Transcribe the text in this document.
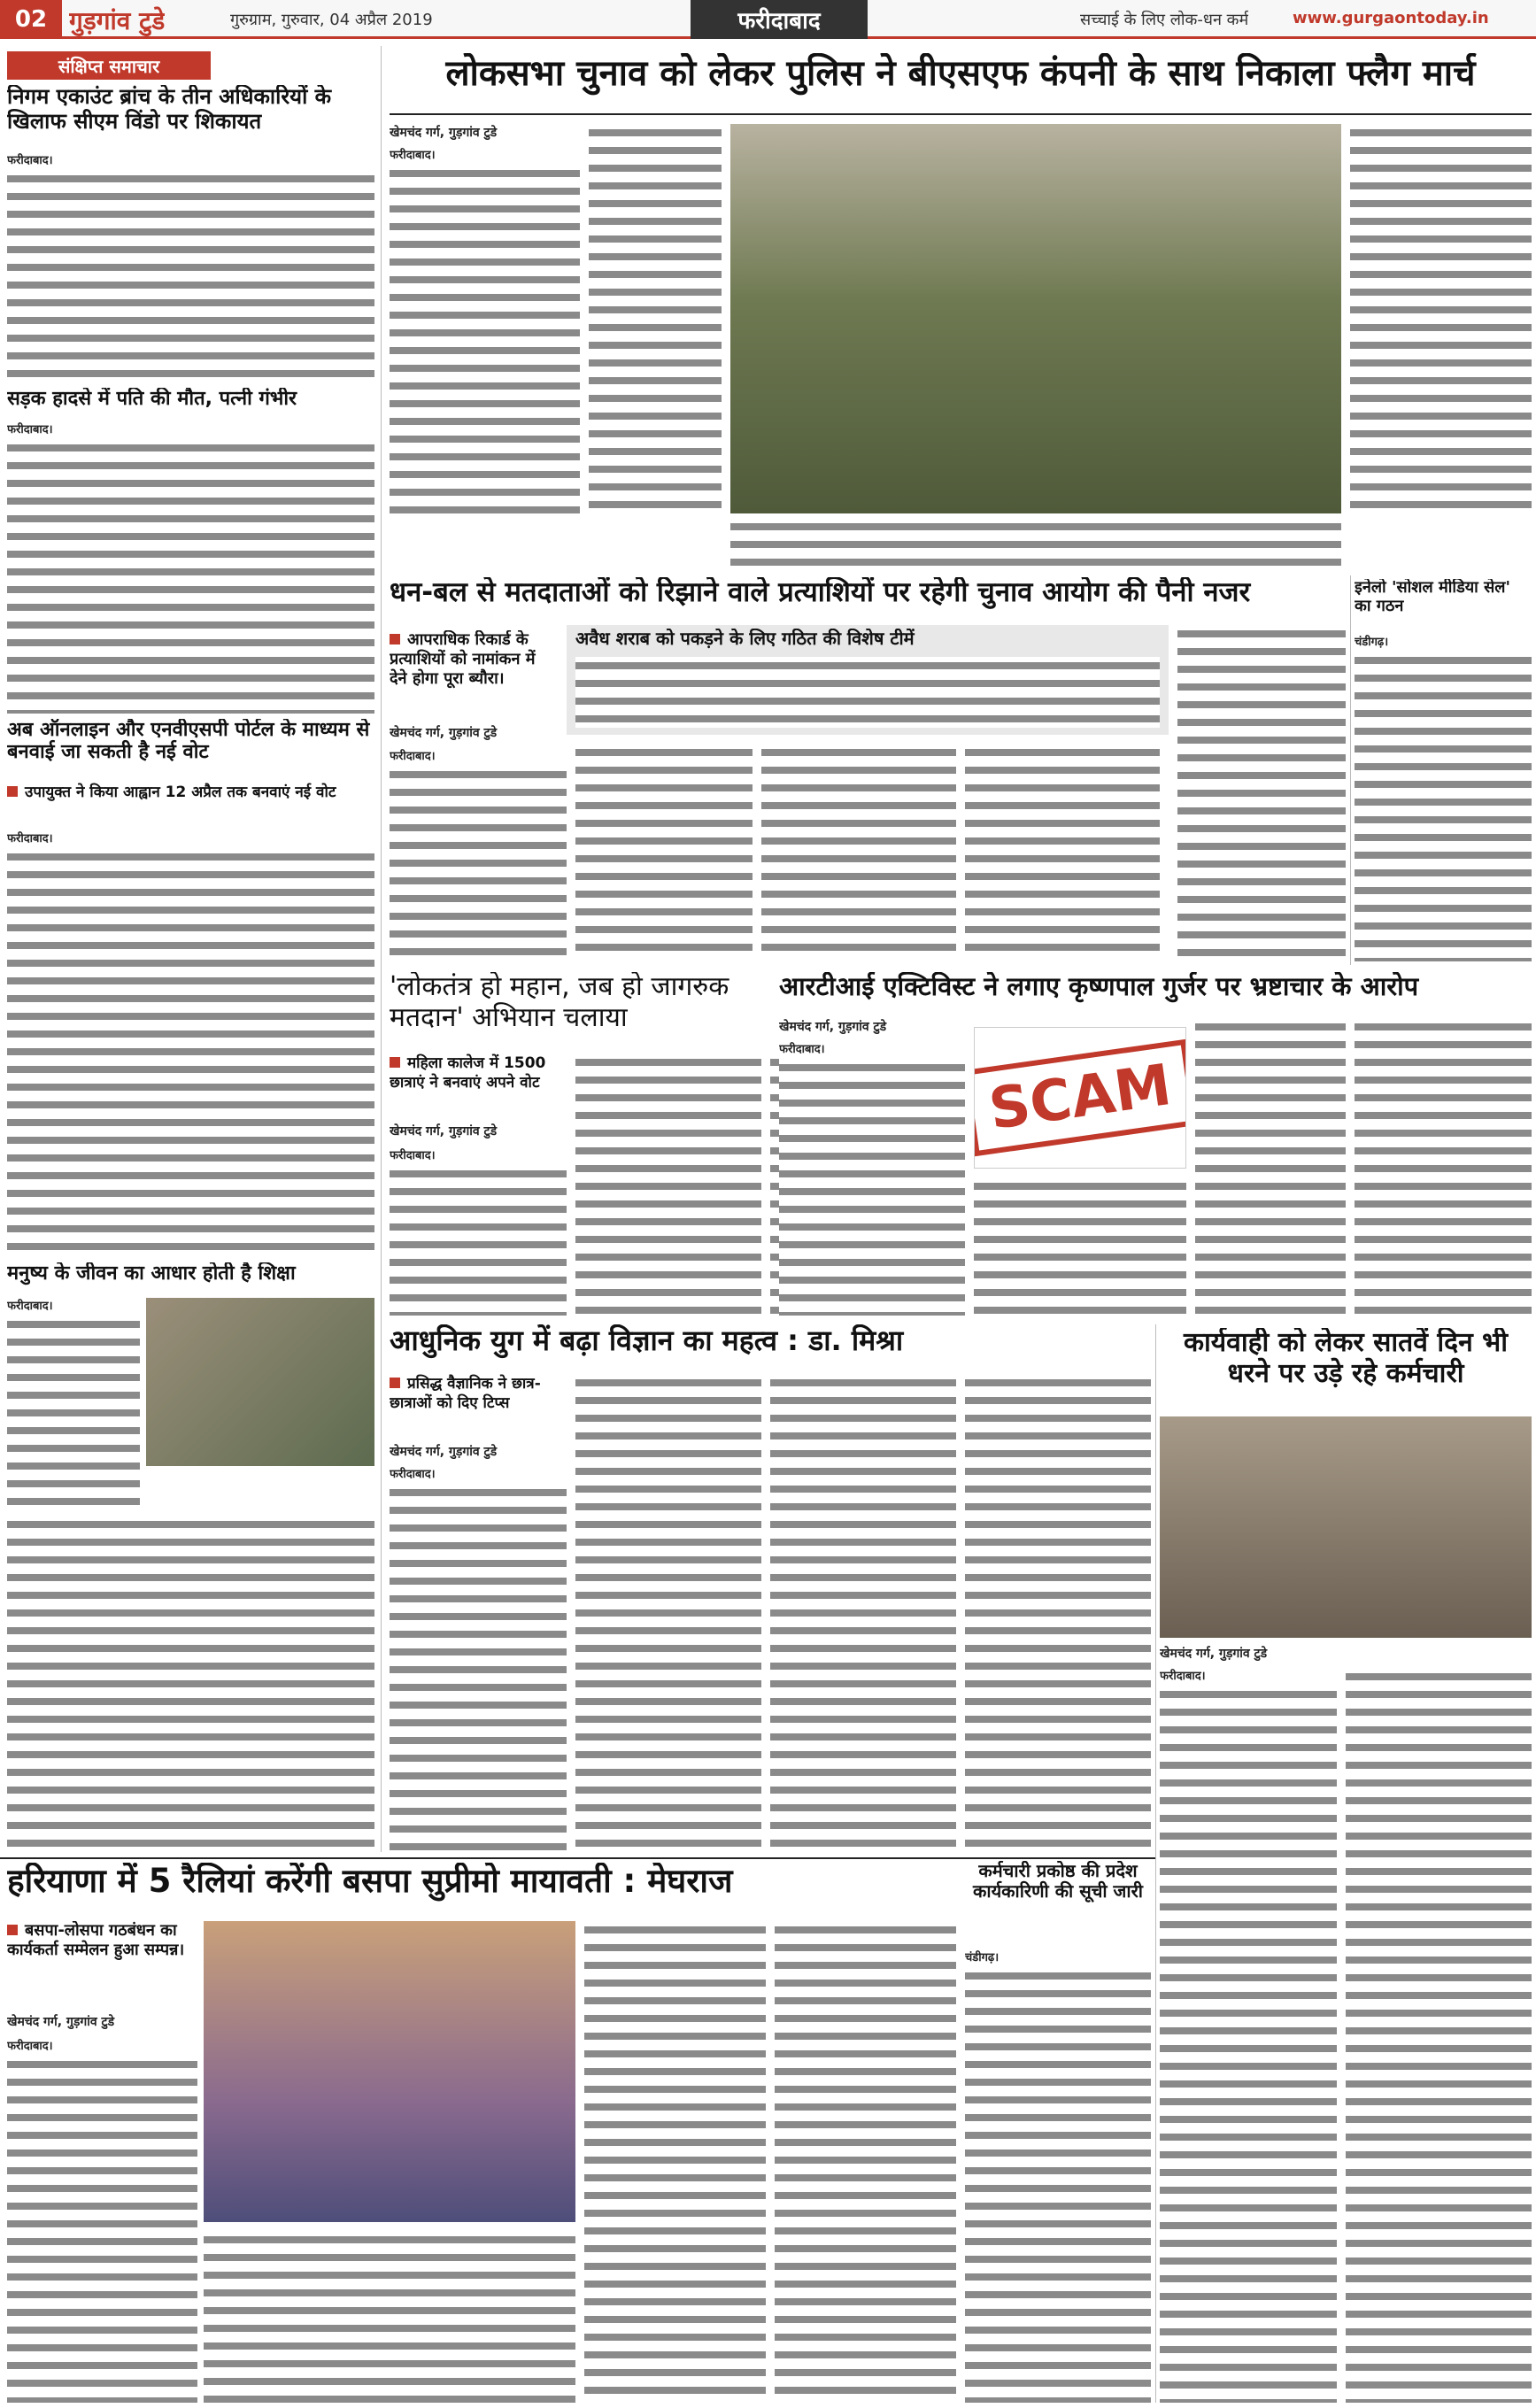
02 गुड़गांव टुडे	गुरुग्राम, गुरुवार, 04 अप्रैल 2019	फरीदाबाद	सच्चाई के लिए लोक-धन कर्म	www.gurgaontoday.in
संक्षिप्त समाचार
निगम एकाउंट ब्रांच के तीन अधिकारियों के खिलाफ सीएम विंडो पर शिकायत
फरीदाबाद।
सड़क हादसे में पति की मौत, पत्नी गंभीर
फरीदाबाद।
अब ऑनलाइन और एनवीएसपी पोर्टल के माध्यम से बनवाई जा सकती है नई वोट
उपायुक्त ने किया आह्वान 12 अप्रैल तक बनवाएं नई वोट
फरीदाबाद।
मनुष्य के जीवन का आधार होती है शिक्षा
फरीदाबाद।
लोकसभा चुनाव को लेकर पुलिस ने बीएसएफ कंपनी के साथ निकाला फ्लैग मार्च
खेमचंद गर्ग, गुड़गांव टुडे
फरीदाबाद।
धन-बल से मतदाताओं को रिझाने वाले प्रत्याशियों पर रहेगी चुनाव आयोग की पैनी नजर
आपराधिक रिकार्ड के प्रत्याशियों को नामांकन में देने होगा पूरा ब्यौरा।
खेमचंद गर्ग, गुड़गांव टुडे
अवैध शराब को पकड़ने के लिए गठित की विशेष टीमें
फरीदाबाद।
इनेलो 'सोशल मीडिया सेल' का गठन
चंडीगढ़।
'लोकतंत्र हो महान, जब हो जागरुक मतदान' अभियान चलाया
महिला कालेज में 1500 छात्राएं ने बनवाएं अपने वोट
खेमचंद गर्ग, गुड़गांव टुडे
फरीदाबाद।
आरटीआई एक्टिविस्ट ने लगाए कृष्णपाल गुर्जर पर भ्रष्टाचार के आरोप
खेमचंद गर्ग, गुड़गांव टुडे
SCAM
फरीदाबाद।
आधुनिक युग में बढ़ा विज्ञान का महत्व : डा. मिश्रा
प्रसिद्ध वैज्ञानिक ने छात्र-छात्राओं को दिए टिप्स
खेमचंद गर्ग, गुड़गांव टुडे
फरीदाबाद।
कार्यवाही को लेकर सातवें दिन भी धरने पर उड़े रहे कर्मचारी
खेमचंद गर्ग, गुड़गांव टुडे
फरीदाबाद।
कर्मचारी प्रकोष्ठ की प्रदेश कार्यकारिणी की सूची जारी
चंडीगढ़।
हरियाणा में 5 रैलियां करेंगी बसपा सुप्रीमो मायावती : मेघराज
बसपा-लोसपा गठबंधन का कार्यकर्ता सम्मेलन हुआ सम्पन्न।
खेमचंद गर्ग, गुड़गांव टुडे
फरीदाबाद।
